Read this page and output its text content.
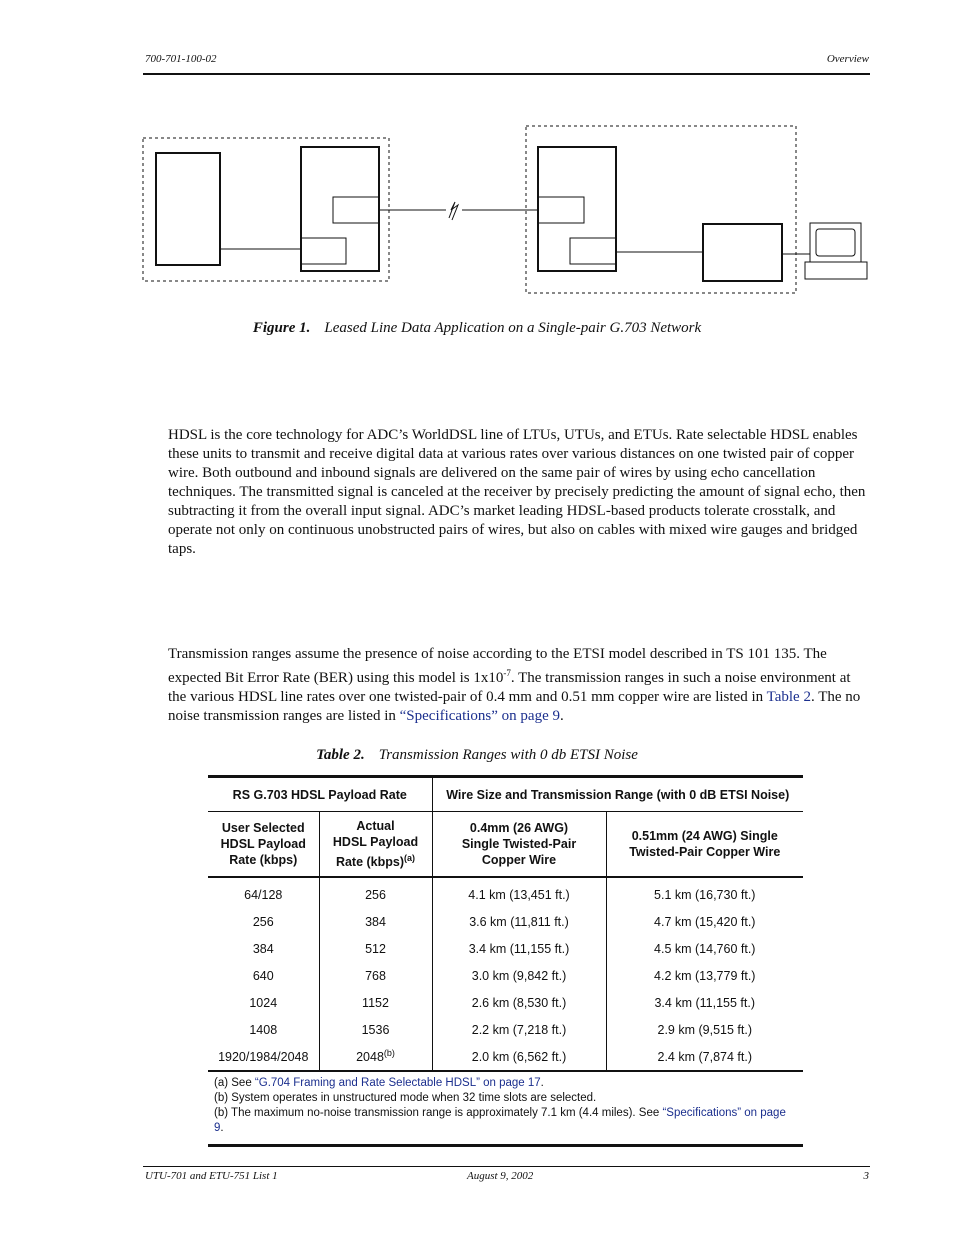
700-701-100-02	Overview
Figure 1. Leased Line Data Application on a Single-pair G.703 Network

HDSL is the core technology for ADC’s WorldDSL line of LTUs, UTUs, and ETUs. Rate selectable HDSL enables these units to transmit and receive digital data at various rates over various distances on one twisted pair of copper wire. Both outbound and inbound signals are delivered on the same pair of wires by using echo cancellation techniques. The transmitted signal is canceled at the receiver by precisely predicting the amount of signal echo, then subtracting it from the overall input signal. ADC’s market leading HDSL-based products tolerate crosstalk, and operate not only on continuous unobstructed pairs of wires, but also on cables with mixed wire gauges and bridged taps.

Transmission ranges assume the presence of noise according to the ETSI model described in TS 101 135. The expected Bit Error Rate (BER) using this model is $1x10^{-7}$. The transmission ranges in such a noise environment at the various HDSL line rates over one twisted-pair of 0.4 mm and 0.51 mm copper wire are listed in Table 2. The no noise transmission ranges are listed in “Specifications” on page 9.

Table 2. Transmission Ranges with 0 db ETSI Noise
RS G.703 HDSL Payload Rate		Wire Size and Transmission Range (with 0 dB ETSI Noise)	
User Selected
HDSL Payload
Rate (kbps)	Actual
HDSL Payload
Rate (kbps)$^{(a)}$	0.4mm (26 AWG)
Single Twisted-Pair
Copper Wire	0.51mm (24 AWG) Single
Twisted-Pair Copper Wire
64/128	256	4.1 km (13,451 ft.)	5.1 km (16,730 ft.)
256	384	3.6 km (11,811 ft.)	4.7 km (15,420 ft.)
384	512	3.4 km (11,155 ft.)	4.5 km (14,760 ft.)
640	768	3.0 km (9,842 ft.)	4.2 km (13,779 ft.)
1024	1152	2.6 km (8,530 ft.)	3.4 km (11,155 ft.)
1408	1536	2.2 km (7,218 ft.)	2.9 km (9,515 ft.)
1920/1984/2048	2048$^{(b)}$	2.0 km (6,562 ft.)	2.4 km (7,874 ft.)
(a) See “G.704 Framing and Rate Selectable HDSL” on page 17.
(b) System operates in unstructured mode when 32 time slots are selected.
(b) The maximum no-noise transmission range is approximately 7.1 km (4.4 miles). See “Specifications” on page 9.
UTU-701 and ETU-751 List 1	August 9, 2002	3
